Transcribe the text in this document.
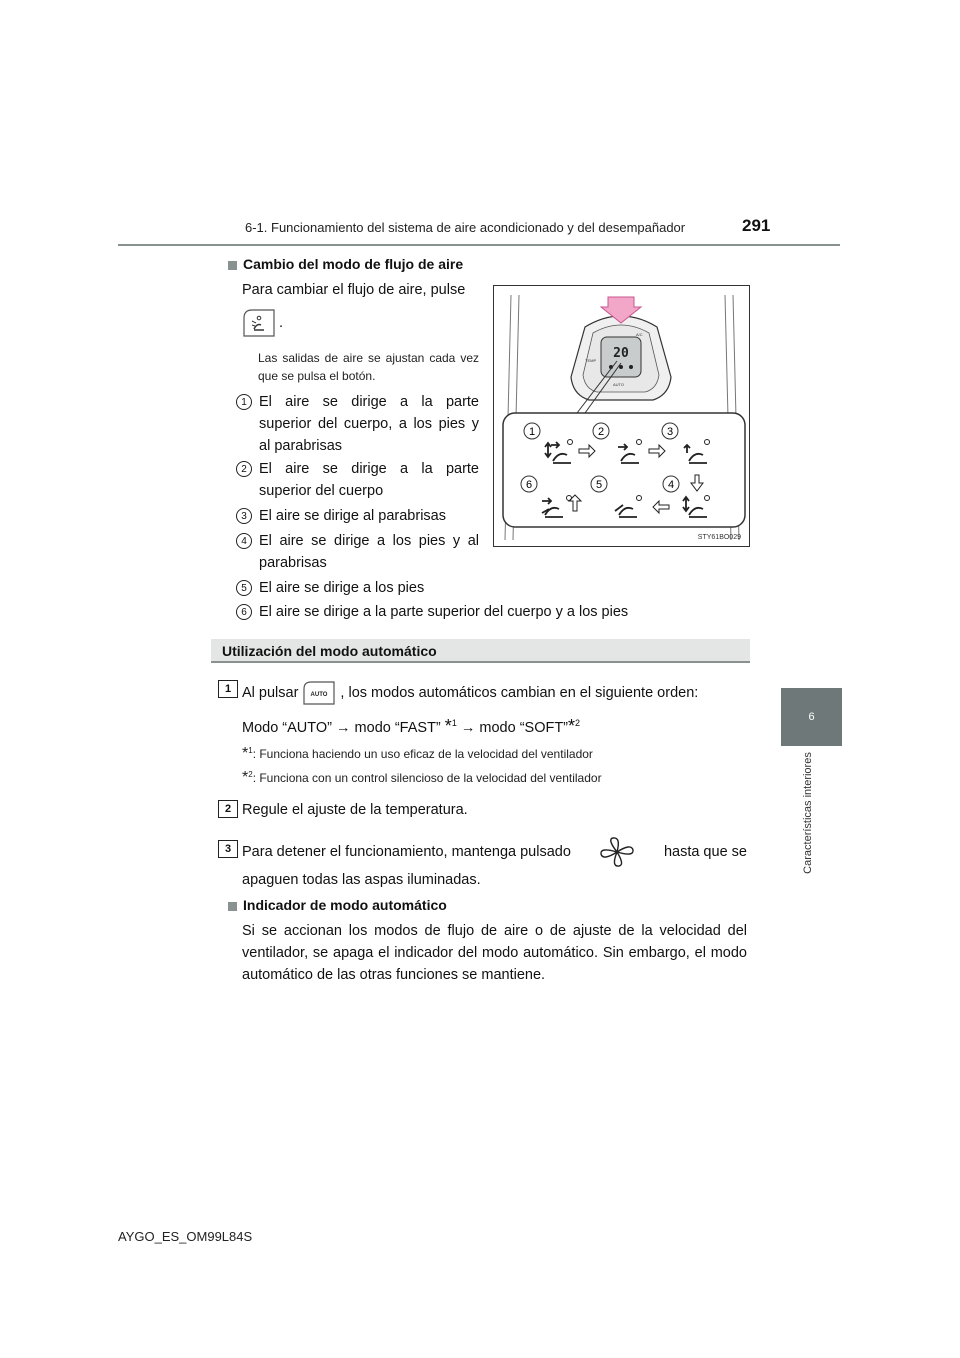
6-1. Funcionamiento del sistema de aire acondicionado y del desempañador	291
6
Características interiores
Cambio del modo de flujo de aire
Para cambiar el flujo de aire, pulse
.
Las salidas de aire se ajustan cada vez que se pulsa el botón.
1 El aire se dirige a la parte superior del cuerpo, a los pies y al parabrisas
2 El aire se dirige a la parte superior del cuerpo
3 El aire se dirige al parabrisas
4 El aire se dirige a los pies y al parabrisas
5 El aire se dirige a los pies
6 El aire se dirige a la parte superior del cuerpo y a los pies
20
TEMP
A/C
AUTO
1	2	3
6	5	4
STY61BO029
Utilización del modo automático
1 Al pulsar AUTO , los modos automáticos cambian en el siguiente orden:
Modo “AUTO” → modo “FAST” *$^1$ → modo “SOFT”*$^2$
*$^1$: Funciona haciendo un uso eficaz de la velocidad del ventilador
*$^2$: Funciona con un control silencioso de la velocidad del ventilador
2 Regule el ajuste de la temperatura.
3 Para detener el funcionamiento, mantenga pulsado	hasta que se
apaguen todas las aspas iluminadas.
Indicador de modo automático
Si se accionan los modos de flujo de aire o de ajuste de la velocidad del ventilador, se apaga el indicador del modo automático. Sin embargo, el modo automático de las otras funciones se mantiene.
AYGO_ES_OM99L84S
